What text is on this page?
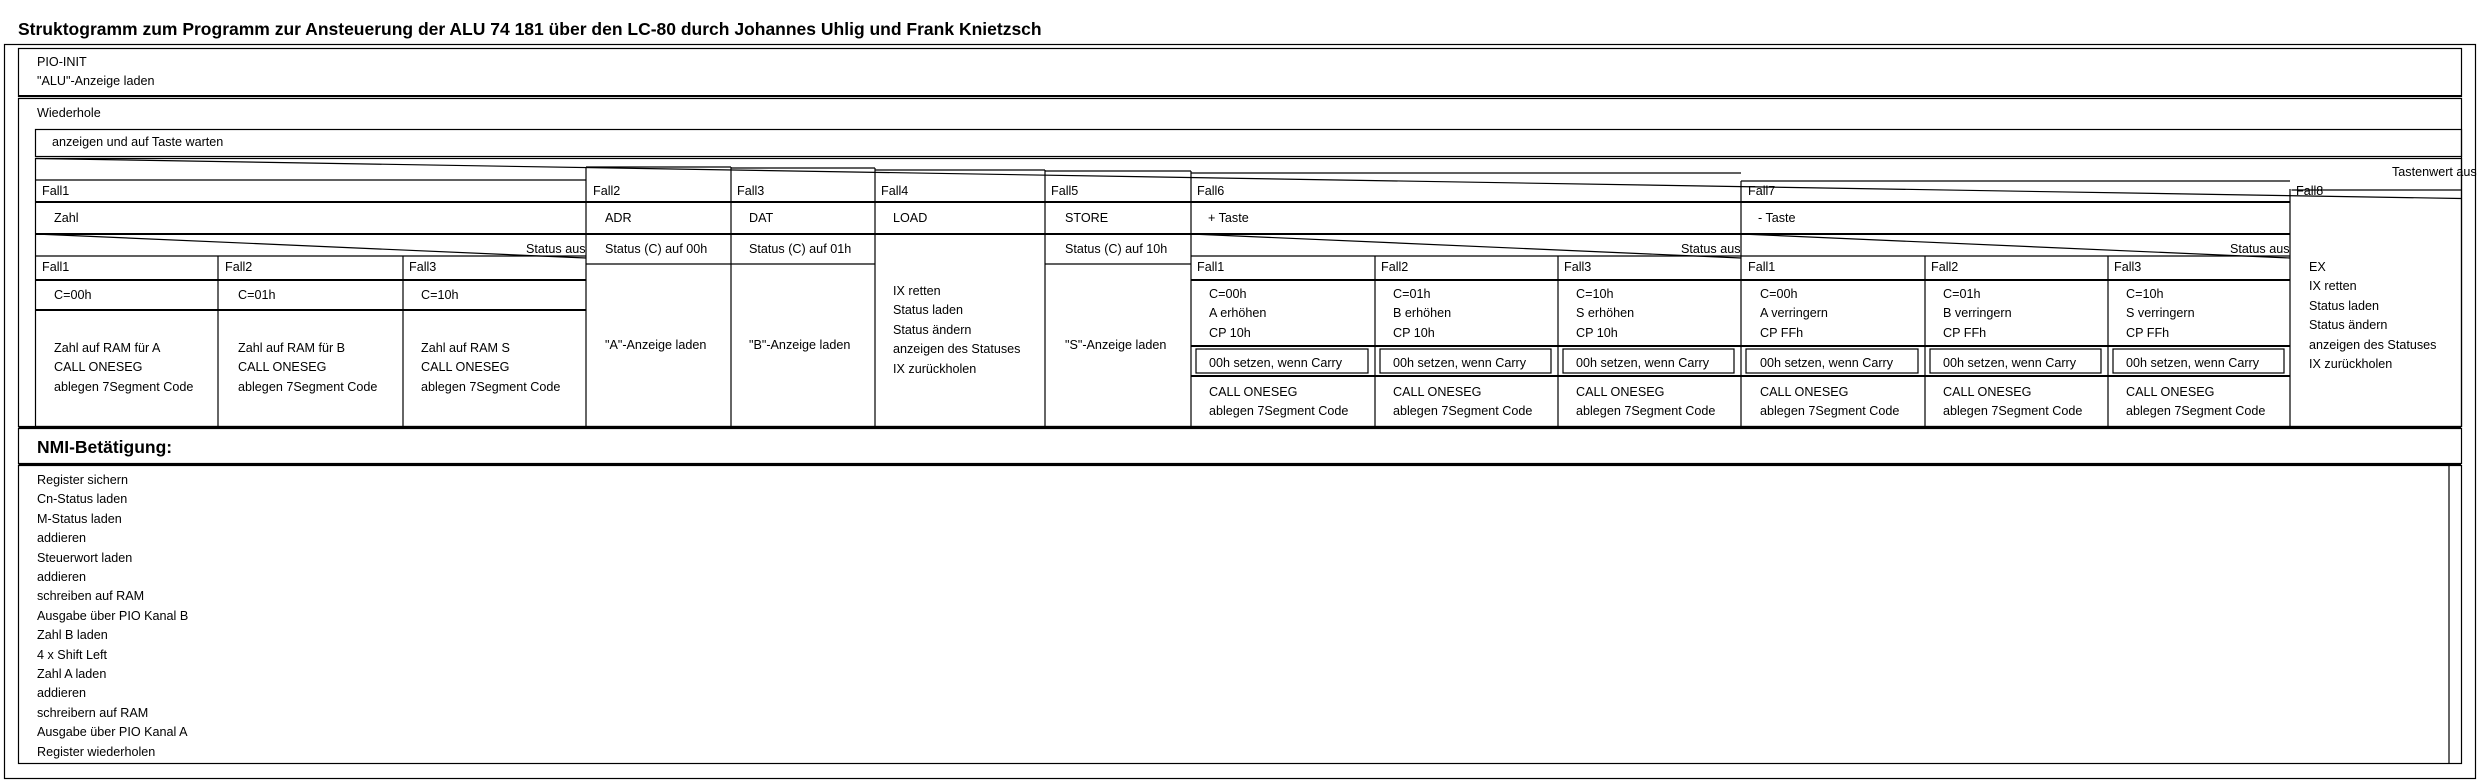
Struktogramm zum Programm zur Ansteuerung der ALU 74 181 über den LC-80 durch Johannes Uhlig und Frank Knietzsch
PIO-INIT
"ALU"-Anzeige laden
Wiederhole
anzeigen und auf Taste warten
Tastenwert aus
Fall1	Fall2	Fall3	Fall4	Fall5	Fall6	Fall7	Fall8
Zahl	ADR	DAT	LOAD	STORE	+ Taste	- Taste
Status aus
Fall1	Fall2	Fall3
C=00h	C=01h	C=10h
Zahl auf RAM für A
CALL ONESEG
ablegen 7Segment Code
Zahl auf RAM für B
CALL ONESEG
ablegen 7Segment Code
Zahl auf RAM S
CALL ONESEG
ablegen 7Segment Code
Status (C) auf 00h	Status (C) auf 01h	Status (C) auf 10h
"A"-Anzeige laden	"B"-Anzeige laden	"S"-Anzeige laden
IX retten
Status laden
Status ändern
anzeigen des Statuses
IX zurückholen
Status aus
Fall1	Fall2	Fall3
C=00h
A erhöhen
CP 10h
C=01h
B erhöhen
CP 10h
C=10h
S erhöhen
CP 10h
00h setzen, wenn Carry	00h setzen, wenn Carry	00h setzen, wenn Carry
CALL ONESEG
ablegen 7Segment Code
CALL ONESEG
ablegen 7Segment Code
CALL ONESEG
ablegen 7Segment Code
Status aus
Fall1	Fall2	Fall3
C=00h
A verringern
CP FFh
C=01h
B verringern
CP FFh
C=10h
S verringern
CP FFh
00h setzen, wenn Carry	00h setzen, wenn Carry	00h setzen, wenn Carry
CALL ONESEG
ablegen 7Segment Code
CALL ONESEG
ablegen 7Segment Code
CALL ONESEG
ablegen 7Segment Code
EX
IX retten
Status laden
Status ändern
anzeigen des Statuses
IX zurückholen
NMI-Betätigung:
Register sichern
Cn-Status laden
M-Status laden
addieren
Steuerwort laden
addieren
schreiben auf RAM
Ausgabe über PIO Kanal B
Zahl B laden
4 x Shift Left
Zahl A laden
addieren
schreibern auf RAM
Ausgabe über PIO Kanal A
Register wiederholen
